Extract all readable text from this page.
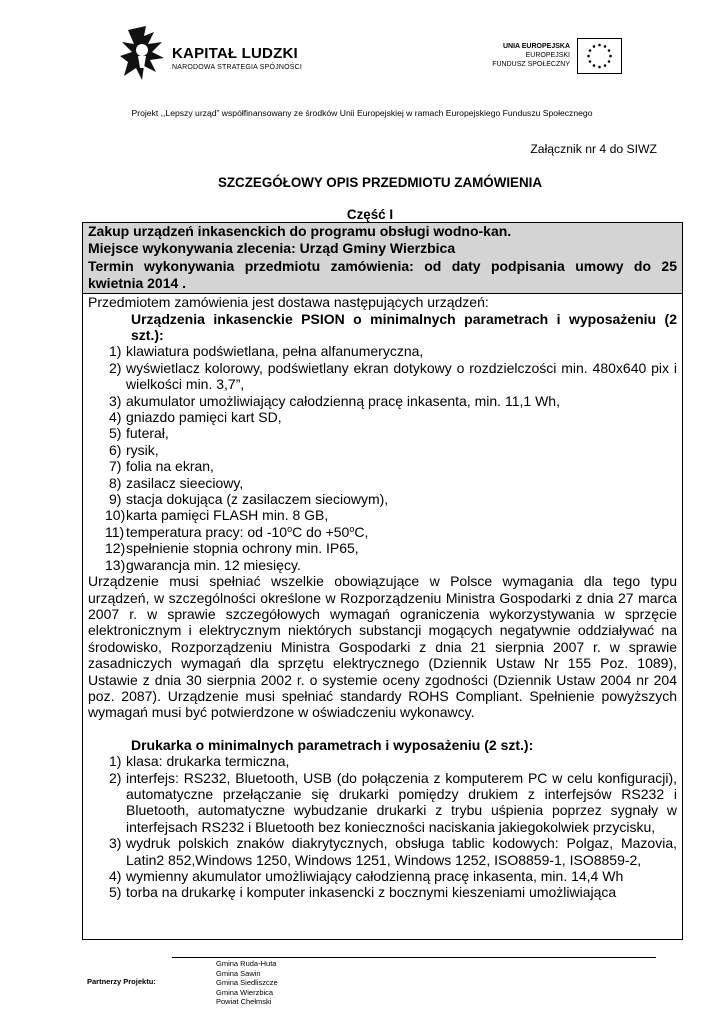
KAPITAŁ LUDZKI
NARODOWA STRATEGIA SPÓJNOŚCI
UNIA EUROPEJSKA
EUROPEJSKI
FUNDUSZ SPOŁECZNY
Projekt ,,Lepszy urząd” współfinansowany ze środków Unii Europejskiej w ramach Europejskiego Funduszu Społecznego
Załącznik nr 4 do SIWZ
SZCZEGÓŁOWY OPIS PRZEDMIOTU ZAMÓWIENIA
Część I
Zakup urządzeń inkasenckich do programu obsługi wodno-kan.
Miejsce wykonywania zlecenia: Urząd Gminy Wierzbica
Termin wykonywania przedmiotu zamówienia: od daty podpisania umowy do 25 kwietnia 2014 .
Przedmiotem zamówienia jest dostawa następujących urządzeń:
Urządzenia inkasenckie PSION o minimalnych parametrach i wyposażeniu (2 szt.):
1) klawiatura podświetlana, pełna alfanumeryczna,
2) wyświetlacz kolorowy, podświetlany ekran dotykowy o rozdzielczości min. 480x640 pix i wielkości min. 3,7”,
3) akumulator umożliwiający całodzienną pracę inkasenta, min. 11,1 Wh,
4) gniazdo pamięci kart SD,
5) futerał,
6) rysik,
7) folia na ekran,
8) zasilacz sieeciowy,
9) stacja dokująca (z zasilaczem sieciowym),
10) karta pamięci FLASH min. 8 GB,
11) temperatura pracy: od -10$^o$C do $+50^oC$,
12) spełnienie stopnia ochrony min. IP65,
13) gwarancja min. 12 miesięcy.
Urządzenie musi spełniać wszelkie obowiązujące w Polsce wymagania dla tego typu urządzeń, w szczególności określone w Rozporządzeniu Ministra Gospodarki z dnia 27 marca 2007 r. w sprawie szczegółowych wymagań ograniczenia wykorzystywania w sprzęcie elektronicznym i elektrycznym niektórych substancji mogących negatywnie oddziaływać na środowisko, Rozporządzeniu Ministra Gospodarki z dnia 21 sierpnia 2007 r. w sprawie zasadniczych wymagań dla sprzętu elektrycznego (Dziennik Ustaw Nr 155 Poz. 1089), Ustawie z dnia 30 sierpnia 2002 r. o systemie oceny zgodności (Dziennik Ustaw 2004 nr 204 poz. 2087). Urządzenie musi spełniać standardy ROHS Compliant. Spełnienie powyższych wymagań musi być potwierdzone w oświadczeniu wykonawcy.
Drukarka o minimalnych parametrach i wyposażeniu (2 szt.):
1) klasa: drukarka termiczna,
2) interfejs: RS232, Bluetooth, USB (do połączenia z komputerem PC w celu konfiguracji), automatyczne przełączanie się drukarki pomiędzy drukiem z interfejsów RS232 i Bluetooth, automatyczne wybudzanie drukarki z trybu uśpienia poprzez sygnały w interfejsach RS232 i Bluetooth bez konieczności naciskania jakiegokolwiek przycisku,
3) wydruk polskich znaków diakrytycznych, obsługa tablic kodowych: Polgaz, Mazovia, Latin2 852,Windows 1250, Windows 1251, Windows 1252, ISO8859-1, ISO8859-2,
4) wymienny akumulator umożliwiający całodzienną pracę inkasenta, min. 14,4 Wh
5) torba na drukarkę i komputer inkasencki z bocznymi kieszeniami umożliwiająca
Partnerzy Projektu:
Gmina Ruda-Huta
Gmina Sawin
Gmina Siedliszcze
Gmina Wierzbica
Powiat Chełmski
